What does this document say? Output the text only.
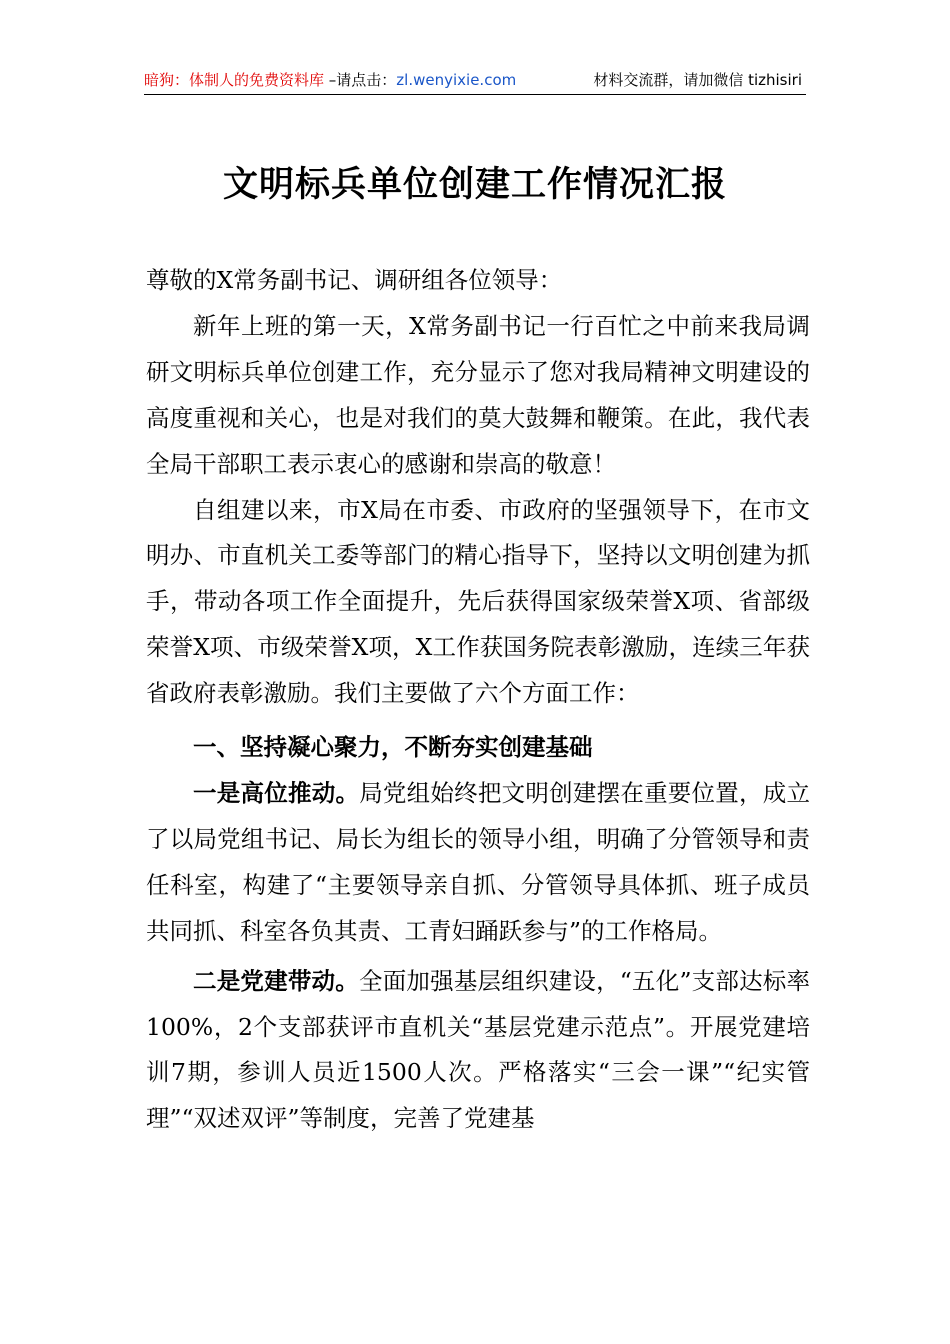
暗狗：体制人的免费资料库 –请点击：zl.wenyixie.com	材料交流群，请加微信 tizhisiri
文明标兵单位创建工作情况汇报

尊敬的X常务副书记、调研组各位领导：

新年上班的第一天，X常务副书记一行百忙之中前来我局调研文明标兵单位创建工作，充分显示了您对我局精神文明建设的高度重视和关心，也是对我们的莫大鼓舞和鞭策。在此，我代表全局干部职工表示衷心的感谢和崇高的敬意！

自组建以来，市X局在市委、市政府的坚强领导下，在市文明办、市直机关工委等部门的精心指导下，坚持以文明创建为抓手，带动各项工作全面提升，先后获得国家级荣誉X项、省部级荣誉X项、市级荣誉X项，X工作获国务院表彰激励，连续三年获省政府表彰激励。我们主要做了六个方面工作：

一、坚持凝心聚力，不断夯实创建基础

一是高位推动。局党组始终把文明创建摆在重要位置，成立了以局党组书记、局长为组长的领导小组，明确了分管领导和责任科室，构建了“主要领导亲自抓、分管领导具体抓、班子成员共同抓、科室各负其责、工青妇踊跃参与”的工作格局。

二是党建带动。全面加强基层组织建设，“五化”支部达标率100%，2个支部获评市直机关“基层党建示范点”。开展党建培训7期，参训人员近1500人次。严格落实“三会一课”“纪实管理”“双述双评”等制度，完善了党建基
